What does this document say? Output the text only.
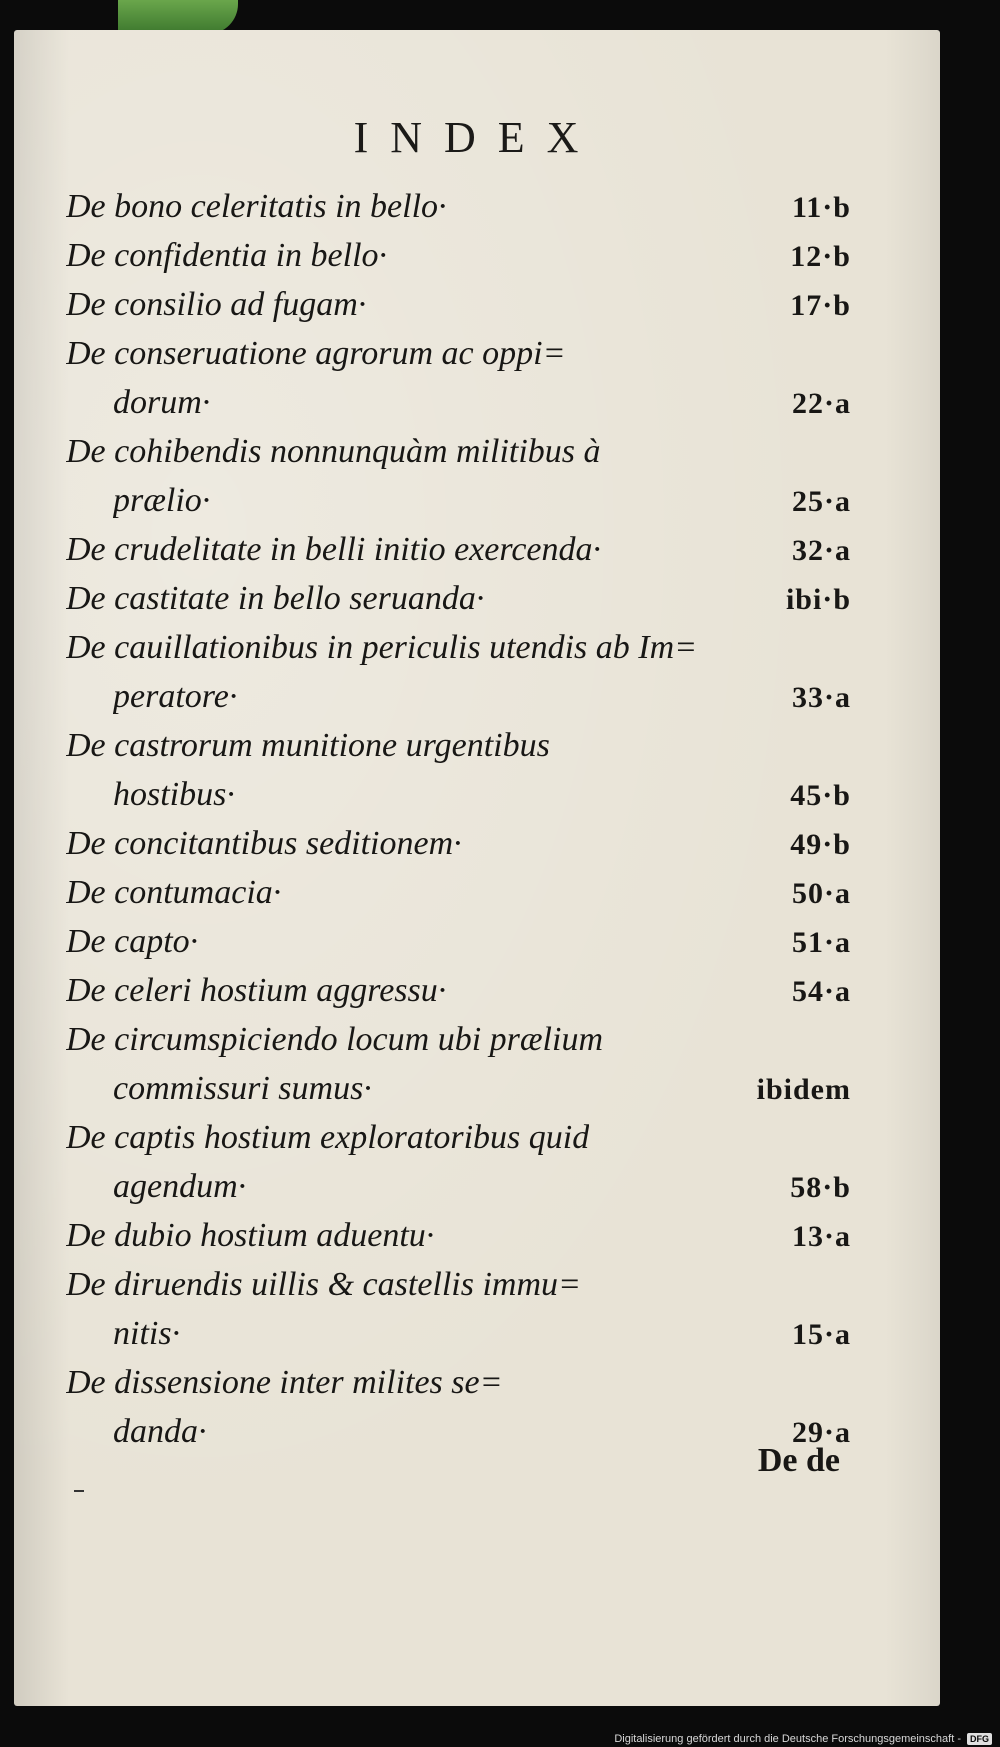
INDEX
De bono celeritatis in bello·	11·b
De confidentia in bello·	12·b
De consilio ad fugam·	17·b
De conseruatione agrorum ac oppi=
dorum·	22·a
De cohibendis nonnunquàm militibus à
prælio·	25·a
De crudelitate in belli initio exercenda·	32·a
De castitate in bello seruanda·	ibi·b
De cauillationibus in periculis utendis ab Im=
peratore·	33·a
De castrorum munitione urgentibus
hostibus·	45·b
De concitantibus seditionem·	49·b
De contumacia·	50·a
De capto·	51·a
De celeri hostium aggressu·	54·a
De circumspiciendo locum ubi prælium
commissuri sumus·	ibidem
De captis hostium exploratoribus quid
agendum·	58·b
De dubio hostium aduentu·	13·a
De diruendis uillis & castellis immu=
nitis·	15·a
De dissensione inter milites se=
danda·	29·a
De de
Digitalisierung gefördert durch die Deutsche Forschungsgemeinschaft -	DFG
